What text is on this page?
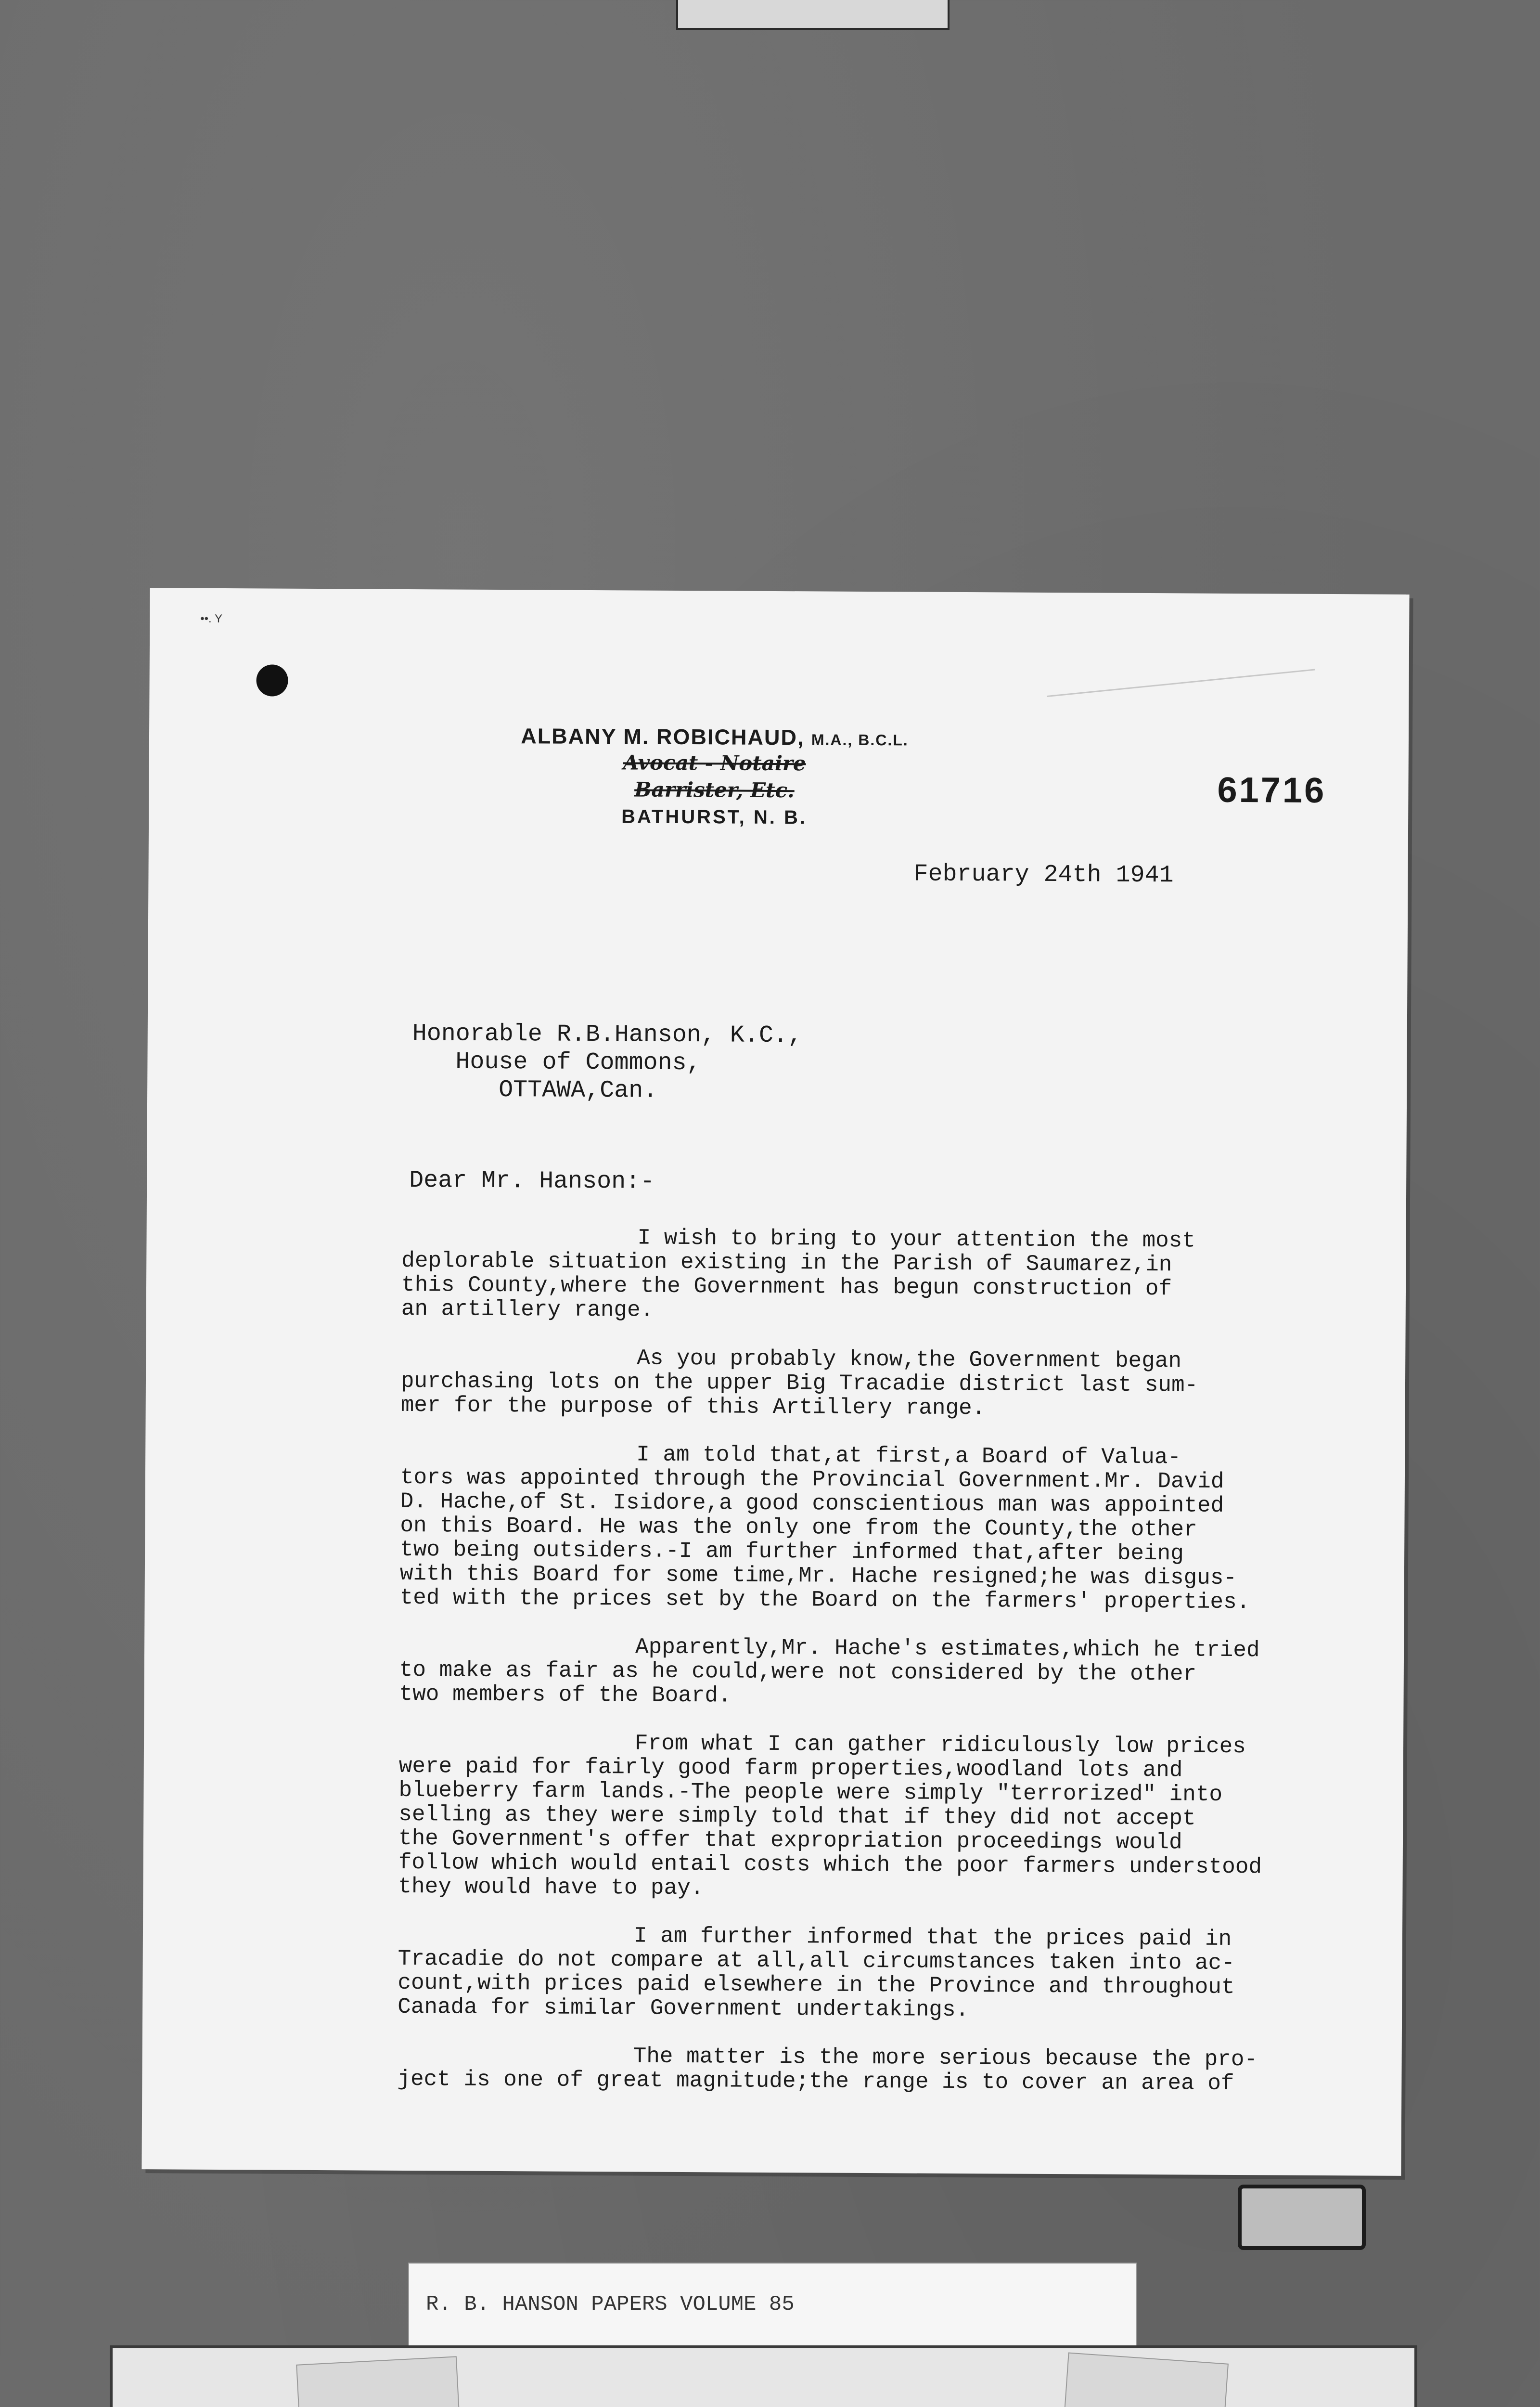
••. Y
ALBANY M. ROBICHAUD, M.A., B.C.L.
Avocat - Notaire
Barrister, Etc.
BATHURST, N. B.
61716
February 24th 1941
Honorable R.B.Hanson, K.C.,
House of Commons,
OTTAWA,Can.
Dear Mr. Hanson:-
I wish to bring to your attention the most
deplorable situation existing in the Parish of Saumarez,in
this County,where the Government has begun construction of
an artillery range.
As you probably know,the Government began
purchasing lots on the upper Big Tracadie district last sum-
mer for the purpose of this Artillery range.
I am told that,at first,a Board of Valua-
tors was appointed through the Provincial Government.Mr. David
D. Hache,of St. Isidore,a good conscientious man was appointed
on this Board. He was the only one from the County,the other
two being outsiders.-I am further informed that,after being
with this Board for some time,Mr. Hache resigned;he was disgus-
ted with the prices set by the Board on the farmers' properties.
Apparently,Mr. Hache's estimates,which he tried
to make as fair as he could,were not considered by the other
two members of the Board.
From what I can gather ridiculously low prices
were paid for fairly good farm properties,woodland lots and
blueberry farm lands.-The people were simply "terrorized" into
selling as they were simply told that if they did not accept
the Government's offer that expropriation proceedings would
follow which would entail costs which the poor farmers understood
they would have to pay.
I am further informed that the prices paid in
Tracadie do not compare at all,all circumstances taken into ac-
count,with prices paid elsewhere in the Province and throughout
Canada for similar Government undertakings.
The matter is the more serious because the pro-
ject is one of great magnitude;the range is to cover an area of
R. B. HANSON PAPERS VOLUME 85
